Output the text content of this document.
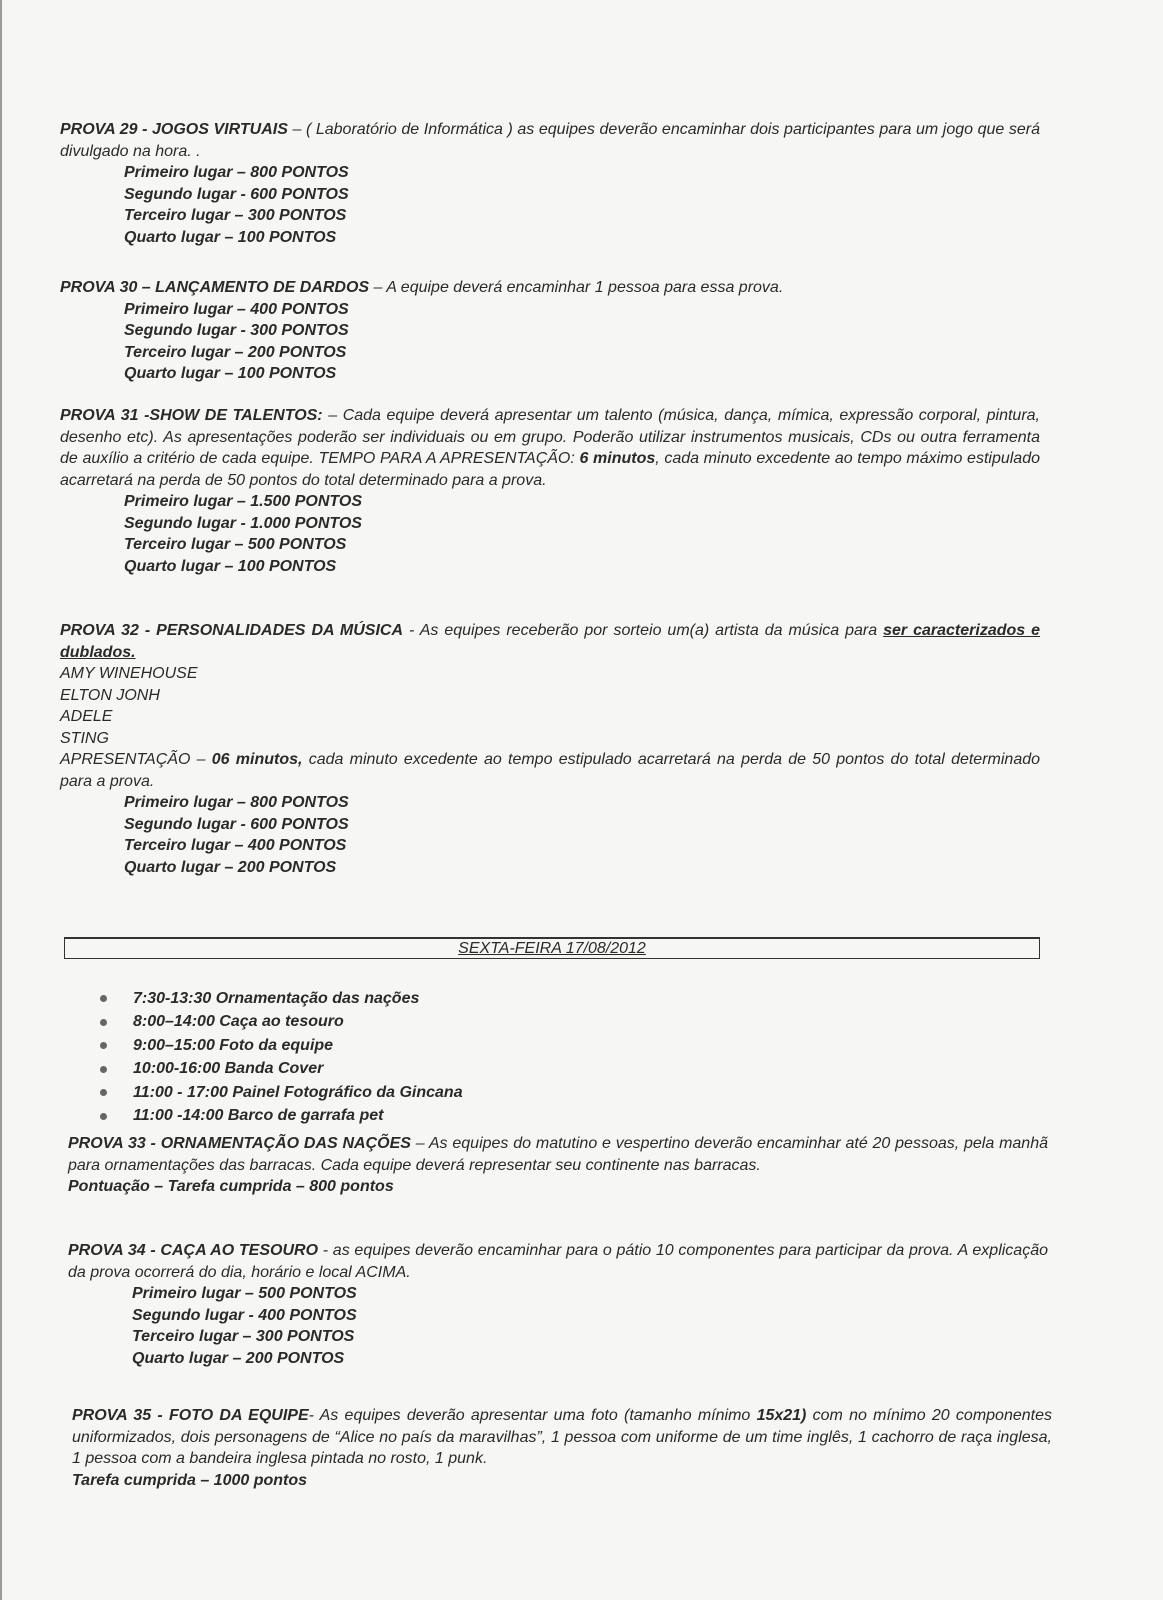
PROVA 29 - JOGOS VIRTUAIS – ( Laboratório de Informática ) as equipes deverão encaminhar dois participantes para um jogo que será divulgado na hora. .

Primeiro lugar – 800 PONTOS
Segundo lugar - 600 PONTOS
Terceiro lugar – 300 PONTOS
Quarto lugar – 100 PONTOS

PROVA 30 – LANÇAMENTO DE DARDOS – A equipe deverá encaminhar 1 pessoa para essa prova.

Primeiro lugar – 400 PONTOS
Segundo lugar - 300 PONTOS
Terceiro lugar – 200 PONTOS
Quarto lugar – 100 PONTOS

PROVA 31 -SHOW DE TALENTOS: – Cada equipe deverá apresentar um talento (música, dança, mímica, expressão corporal, pintura, desenho etc). As apresentações poderão ser individuais ou em grupo. Poderão utilizar instrumentos musicais, CDs ou outra ferramenta de auxílio a critério de cada equipe. TEMPO PARA A APRESENTAÇÃO: 6 minutos, cada minuto excedente ao tempo máximo estipulado acarretará na perda de 50 pontos do total determinado para a prova.

Primeiro lugar – 1.500 PONTOS
Segundo lugar - 1.000 PONTOS
Terceiro lugar – 500 PONTOS
Quarto lugar – 100 PONTOS

PROVA 32 - PERSONALIDADES DA MÚSICA - As equipes receberão por sorteio um(a) artista da música para ser caracterizados e dublados.

AMY WINEHOUSE
ELTON JONH
ADELE
STING

APRESENTAÇÃO – 06 minutos, cada minuto excedente ao tempo estipulado acarretará na perda de 50 pontos do total determinado para a prova.

Primeiro lugar – 800 PONTOS
Segundo lugar - 600 PONTOS
Terceiro lugar – 400 PONTOS
Quarto lugar – 200 PONTOS
SEXTA-FEIRA 17/08/2012
7:30-13:30 Ornamentação das nações
8:00–14:00 Caça ao tesouro
9:00–15:00 Foto da equipe
10:00-16:00 Banda Cover
11:00 - 17:00 Painel Fotográfico da Gincana
11:00 -14:00 Barco de garrafa pet

PROVA 33 - ORNAMENTAÇÃO DAS NAÇÕES – As equipes do matutino e vespertino deverão encaminhar até 20 pessoas, pela manhã para ornamentações das barracas. Cada equipe deverá representar seu continente nas barracas.

Pontuação – Tarefa cumprida – 800 pontos

PROVA 34 - CAÇA AO TESOURO - as equipes deverão encaminhar para o pátio 10 componentes para participar da prova. A explicação da prova ocorrerá do dia, horário e local ACIMA.

Primeiro lugar – 500 PONTOS
Segundo lugar - 400 PONTOS
Terceiro lugar – 300 PONTOS
Quarto lugar – 200 PONTOS

PROVA 35 - FOTO DA EQUIPE- As equipes deverão apresentar uma foto (tamanho mínimo 15x21) com no mínimo 20 componentes uniformizados, dois personagens de “Alice no país da maravilhas”, 1 pessoa com uniforme de um time inglês, 1 cachorro de raça inglesa, 1 pessoa com a bandeira inglesa pintada no rosto, 1 punk.

Tarefa cumprida – 1000 pontos
